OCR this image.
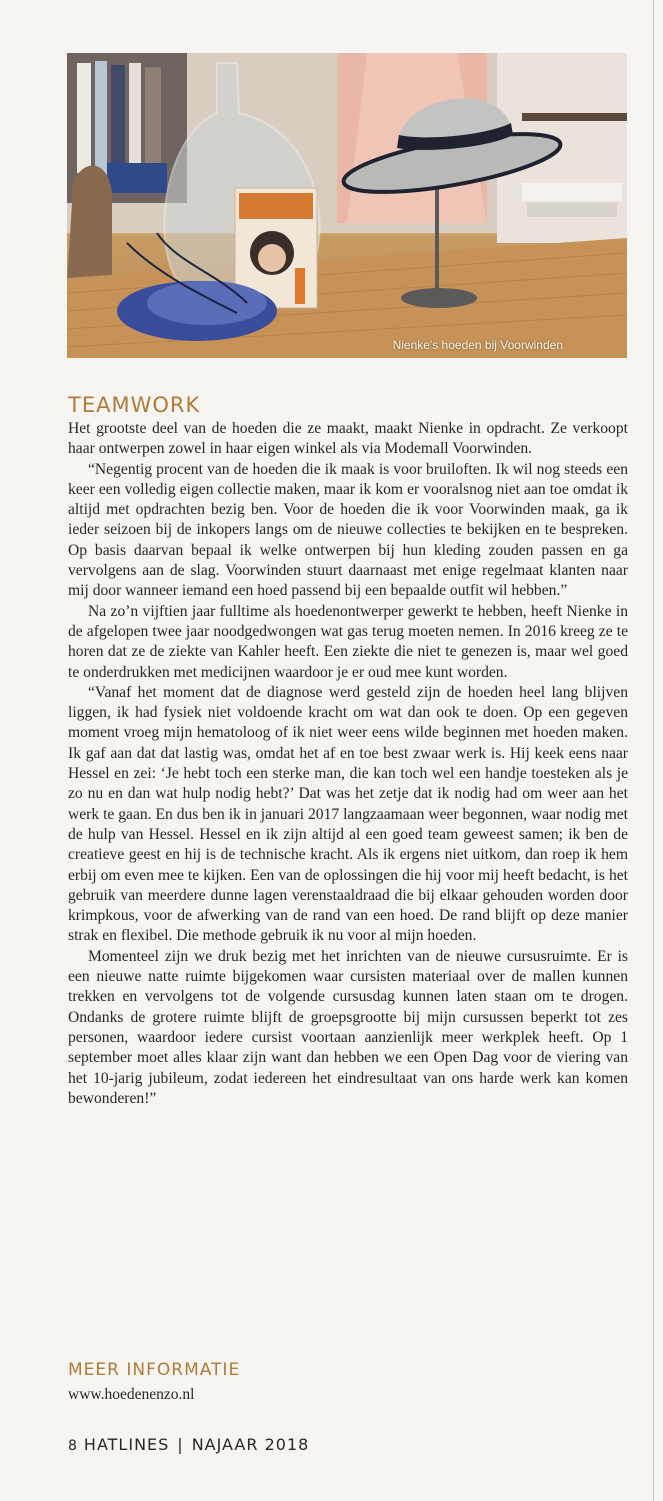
Nienke's hoeden bij Voorwinden
TEAMWORK

Het grootste deel van de hoeden die ze maakt, maakt Nienke in opdracht. Ze verkoopt haar ontwerpen zowel in haar eigen winkel als via Modemall Voorwinden.

“Negentig procent van de hoeden die ik maak is voor bruiloften. Ik wil nog steeds een keer een volledig eigen collectie maken, maar ik kom er vooralsnog niet aan toe omdat ik altijd met opdrachten bezig ben. Voor de hoeden die ik voor Voorwinden maak, ga ik ieder seizoen bij de inkopers langs om de nieuwe collecties te bekijken en te bespreken. Op basis daarvan bepaal ik welke ontwerpen bij hun kleding zouden passen en ga vervolgens aan de slag. Voorwinden stuurt daarnaast met enige regelmaat klanten naar mij door wanneer iemand een hoed passend bij een bepaalde outfit wil hebben.”

Na zo’n vijftien jaar fulltime als hoedenontwerper gewerkt te hebben, heeft Nienke in de afgelopen twee jaar noodgedwongen wat gas terug moeten nemen. In 2016 kreeg ze te horen dat ze de ziekte van Kahler heeft. Een ziekte die niet te genezen is, maar wel goed te onderdrukken met medicijnen waardoor je er oud mee kunt worden.

“Vanaf het moment dat de diagnose werd gesteld zijn de hoeden heel lang blijven liggen, ik had fysiek niet voldoende kracht om wat dan ook te doen. Op een gegeven moment vroeg mijn hematoloog of ik niet weer eens wilde beginnen met hoeden maken. Ik gaf aan dat dat lastig was, omdat het af en toe best zwaar werk is. Hij keek eens naar Hessel en zei: ‘Je hebt toch een sterke man, die kan toch wel een handje toesteken als je zo nu en dan wat hulp nodig hebt?’ Dat was het zetje dat ik nodig had om weer aan het werk te gaan. En dus ben ik in januari 2017 langzaamaan weer begonnen, waar nodig met de hulp van Hessel. Hessel en ik zijn altijd al een goed team geweest samen; ik ben de creatieve geest en hij is de technische kracht. Als ik ergens niet uitkom, dan roep ik hem erbij om even mee te kijken. Een van de oplossingen die hij voor mij heeft bedacht, is het gebruik van meerdere dunne lagen verenstaaldraad die bij elkaar gehouden worden door krimpkous, voor de afwerking van de rand van een hoed. De rand blijft op deze manier strak en flexibel. Die methode gebruik ik nu voor al mijn hoeden.

Momenteel zijn we druk bezig met het inrichten van de nieuwe cursusruimte. Er is een nieuwe natte ruimte bijgekomen waar cursisten materiaal over de mallen kunnen trekken en vervolgens tot de volgende cursusdag kunnen laten staan om te drogen. Ondanks de grotere ruimte blijft de groepsgrootte bij mijn cursussen beperkt tot zes personen, waardoor iedere cursist voortaan aanzienlijk meer werkplek heeft. Op 1 september moet alles klaar zijn want dan hebben we een Open Dag voor de viering van het 10-jarig jubileum, zodat iedereen het eindresultaat van ons harde werk kan komen bewonderen!”

MEER INFORMATIE
www.hoedenenzo.nl
8 HATLINES | NAJAAR 2018
